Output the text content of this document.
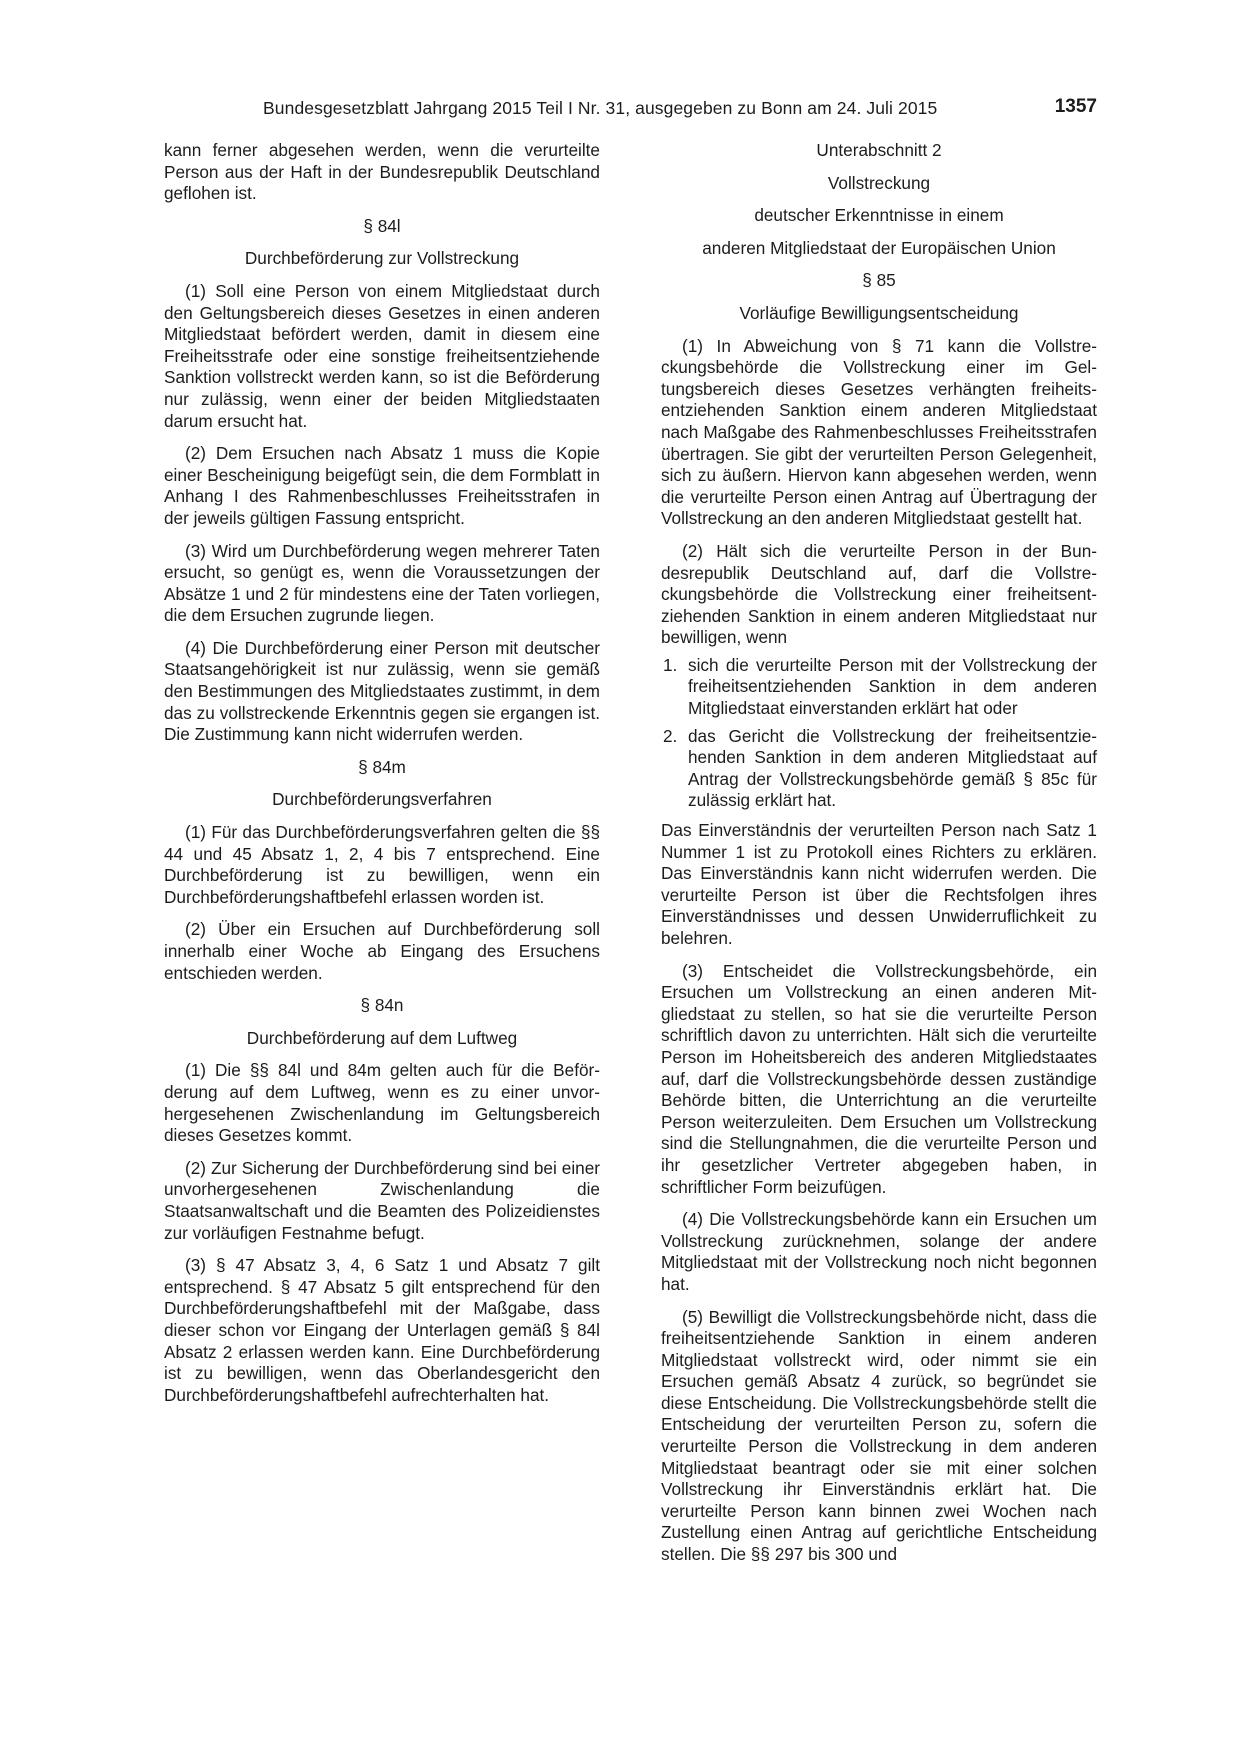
Bundesgesetzblatt Jahrgang 2015 Teil I Nr. 31, ausgegeben zu Bonn am 24. Juli 2015	1357

kann ferner abgesehen werden, wenn die verurteilte Person aus der Haft in der Bundesrepublik Deutschland geflohen ist.

§ 84l

Durchbeförderung zur Vollstreckung

(1) Soll eine Person von einem Mitgliedstaat durch den Geltungsbereich dieses Gesetzes in einen anderen Mitgliedstaat befördert werden, damit in diesem eine Freiheitsstrafe oder eine sonstige freiheitsentziehende Sanktion vollstreckt werden kann, so ist die Beförderung nur zulässig, wenn einer der beiden Mitgliedstaaten darum ersucht hat.

(2) Dem Ersuchen nach Absatz 1 muss die Kopie einer Bescheinigung beigefügt sein, die dem Formblatt in Anhang I des Rahmenbeschlusses Freiheitsstrafen in der jeweils gültigen Fassung entspricht.

(3) Wird um Durchbeförderung wegen mehrerer Taten ersucht, so genügt es, wenn die Voraussetzungen der Absätze 1 und 2 für mindestens eine der Taten vorliegen, die dem Ersuchen zugrunde liegen.

(4) Die Durchbeförderung einer Person mit deutscher Staatsangehörigkeit ist nur zulässig, wenn sie gemäß den Bestimmungen des Mitgliedstaates zustimmt, in dem das zu vollstreckende Erkenntnis gegen sie ergangen ist. Die Zustimmung kann nicht widerrufen werden.

§ 84m

Durchbeförderungsverfahren

(1) Für das Durchbeförderungsverfahren gelten die §§ 44 und 45 Absatz 1, 2, 4 bis 7 entsprechend. Eine Durchbeförderung ist zu bewilligen, wenn ein Durchbeförderungshaftbefehl erlassen worden ist.

(2) Über ein Ersuchen auf Durchbeförderung soll innerhalb einer Woche ab Eingang des Ersuchens entschieden werden.

§ 84n

Durchbeförderung auf dem Luftweg

(1) Die §§ 84l und 84m gelten auch für die Beförderung auf dem Luftweg, wenn es zu einer unvorhergesehenen Zwischenlandung im Geltungsbereich dieses Gesetzes kommt.

(2) Zur Sicherung der Durchbeförderung sind bei einer unvorhergesehenen Zwischenlandung die Staatsanwaltschaft und die Beamten des Polizeidienstes zur vorläufigen Festnahme befugt.

(3) § 47 Absatz 3, 4, 6 Satz 1 und Absatz 7 gilt entsprechend. § 47 Absatz 5 gilt entsprechend für den Durchbeförderungshaftbefehl mit der Maßgabe, dass dieser schon vor Eingang der Unterlagen gemäß § 84l Absatz 2 erlassen werden kann. Eine Durchbeförderung ist zu bewilligen, wenn das Oberlandesgericht den Durchbeförderungshaftbefehl aufrechterhalten hat.

Unterabschnitt 2

Vollstreckung

deutscher Erkenntnisse in einem

anderen Mitgliedstaat der Europäischen Union

§ 85

Vorläufige Bewilligungsentscheidung

(1) In Abweichung von § 71 kann die Vollstreckungsbehörde die Vollstreckung einer im Geltungsbereich dieses Gesetzes verhängten freiheitsentziehenden Sanktion einem anderen Mitgliedstaat nach Maßgabe des Rahmenbeschlusses Freiheitsstrafen übertragen. Sie gibt der verurteilten Person Gelegenheit, sich zu äußern. Hiervon kann abgesehen werden, wenn die verurteilte Person einen Antrag auf Übertragung der Vollstreckung an den anderen Mitgliedstaat gestellt hat.

(2) Hält sich die verurteilte Person in der Bundesrepublik Deutschland auf, darf die Vollstreckungsbehörde die Vollstreckung einer freiheitsentziehenden Sanktion in einem anderen Mitgliedstaat nur bewilligen, wenn

1. sich die verurteilte Person mit der Vollstreckung der freiheitsentziehenden Sanktion in dem anderen Mitgliedstaat einverstanden erklärt hat oder
2. das Gericht die Vollstreckung der freiheitsentziehenden Sanktion in dem anderen Mitgliedstaat auf Antrag der Vollstreckungsbehörde gemäß § 85c für zulässig erklärt hat.

Das Einverständnis der verurteilten Person nach Satz 1 Nummer 1 ist zu Protokoll eines Richters zu erklären. Das Einverständnis kann nicht widerrufen werden. Die verurteilte Person ist über die Rechtsfolgen ihres Einverständnisses und dessen Unwiderruflichkeit zu belehren.

(3) Entscheidet die Vollstreckungsbehörde, ein Ersuchen um Vollstreckung an einen anderen Mitgliedstaat zu stellen, so hat sie die verurteilte Person schriftlich davon zu unterrichten. Hält sich die verurteilte Person im Hoheitsbereich des anderen Mitgliedstaates auf, darf die Vollstreckungsbehörde dessen zuständige Behörde bitten, die Unterrichtung an die verurteilte Person weiterzuleiten. Dem Ersuchen um Vollstreckung sind die Stellungnahmen, die die verurteilte Person und ihr gesetzlicher Vertreter abgegeben haben, in schriftlicher Form beizufügen.

(4) Die Vollstreckungsbehörde kann ein Ersuchen um Vollstreckung zurücknehmen, solange der andere Mitgliedstaat mit der Vollstreckung noch nicht begonnen hat.

(5) Bewilligt die Vollstreckungsbehörde nicht, dass die freiheitsentziehende Sanktion in einem anderen Mitgliedstaat vollstreckt wird, oder nimmt sie ein Ersuchen gemäß Absatz 4 zurück, so begründet sie diese Entscheidung. Die Vollstreckungsbehörde stellt die Entscheidung der verurteilten Person zu, sofern die verurteilte Person die Vollstreckung in dem anderen Mitgliedstaat beantragt oder sie mit einer solchen Vollstreckung ihr Einverständnis erklärt hat. Die verurteilte Person kann binnen zwei Wochen nach Zustellung einen Antrag auf gerichtliche Entscheidung stellen. Die §§ 297 bis 300 und
